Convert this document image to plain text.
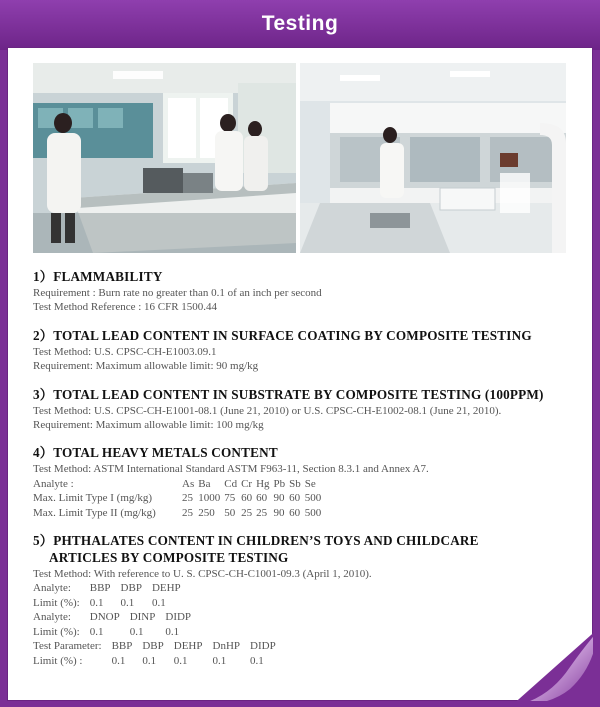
Testing
1）FLAMMABILITY
Requirement : Burn rate no greater than 0.1 of an inch per second
Test Method Reference : 16 CFR 1500.44
2）TOTAL LEAD CONTENT IN SURFACE COATING BY COMPOSITE TESTING
Test Method: U.S. CPSC-CH-E1003.09.1
Requirement: Maximum allowable limit: 90 mg/kg
3）TOTAL LEAD CONTENT IN SUBSTRATE BY COMPOSITE TESTING (100PPM)
Test Method: U.S. CPSC-CH-E1001-08.1 (June 21, 2010) or U.S. CPSC-CH-E1002-08.1 (June 21, 2010).
Requirement: Maximum allowable limit: 100 mg/kg
4）TOTAL HEAVY METALS CONTENT
Test Method: ASTM International Standard ASTM F963-11, Section 8.3.1 and Annex A7.
Analyte :	As	Ba	Cd	Cr	Hg	Pb	Sb	Se
Max. Limit Type I (mg/kg)	25	1000	75	60	60	90	60	500
Max. Limit Type II (mg/kg)	25	250	50	25	25	90	60	500
5）PHTHALATES CONTENT IN CHILDREN’S TOYS AND CHILDCARE
ARTICLES BY COMPOSITE TESTING
Test Method: With reference to U. S. CPSC-CH-C1001-09.3 (April 1, 2010).
Analyte:	BBP	DBP	DEHP
Limit (%):	0.1	0.1	0.1
Analyte:	DNOP	DINP	DIDP
Limit (%):	0.1	0.1	0.1
Test Parameter:	BBP	DBP	DEHP	DnHP	DIDP
Limit (%) :	0.1	0.1	0.1	0.1	0.1
